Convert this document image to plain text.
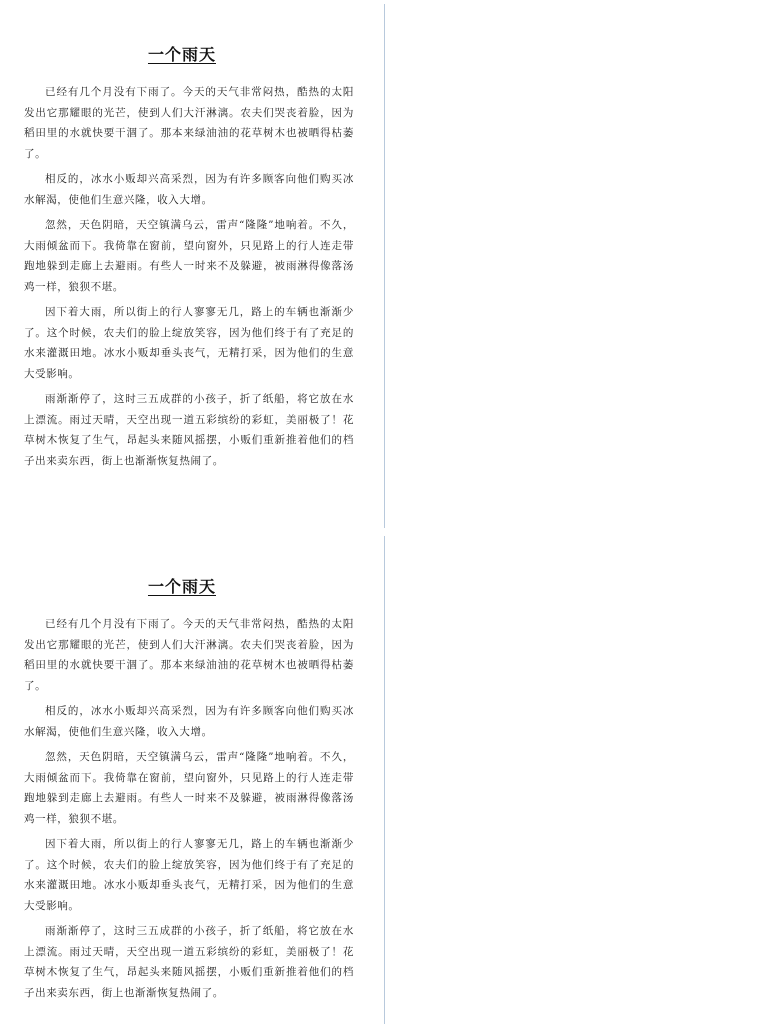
一个雨天

已经有几个月没有下雨了。今天的天气非常闷热，酷热的太阳发出它那耀眼的光芒，使到人们大汗淋漓。农夫们哭丧着脸，因为稻田里的水就快要干涸了。那本来绿油油的花草树木也被晒得枯萎了。

相反的，冰水小贩却兴高采烈，因为有许多顾客向他们购买冰水解渴，使他们生意兴隆，收入大增。

忽然，天色阴暗，天空镇满乌云，雷声“隆隆”地响着。不久，大雨倾盆而下。我倚靠在窗前，望向窗外，只见路上的行人连走带跑地躲到走廊上去避雨。有些人一时来不及躲避，被雨淋得像落汤鸡一样，狼狈不堪。

因下着大雨，所以街上的行人寥寥无几，路上的车辆也渐渐少了。这个时候，农夫们的脸上绽放笑容，因为他们终于有了充足的水来灌溉田地。冰水小贩却垂头丧气，无精打采，因为他们的生意大受影响。

雨渐渐停了，这时三五成群的小孩子，折了纸船，将它放在水上漂流。雨过天晴，天空出现一道五彩缤纷的彩虹，美丽极了！花草树木恢复了生气，昂起头来随风摇摆，小贩们重新推着他们的档子出来卖东西，街上也渐渐恢复热闹了。

一个雨天

已经有几个月没有下雨了。今天的天气非常闷热，酷热的太阳发出它那耀眼的光芒，使到人们大汗淋漓。农夫们哭丧着脸，因为稻田里的水就快要干涸了。那本来绿油油的花草树木也被晒得枯萎了。

相反的，冰水小贩却兴高采烈，因为有许多顾客向他们购买冰水解渴，使他们生意兴隆，收入大增。

忽然，天色阴暗，天空镇满乌云，雷声“隆隆”地响着。不久，大雨倾盆而下。我倚靠在窗前，望向窗外，只见路上的行人连走带跑地躲到走廊上去避雨。有些人一时来不及躲避，被雨淋得像落汤鸡一样，狼狈不堪。

因下着大雨，所以街上的行人寥寥无几，路上的车辆也渐渐少了。这个时候，农夫们的脸上绽放笑容，因为他们终于有了充足的水来灌溉田地。冰水小贩却垂头丧气，无精打采，因为他们的生意大受影响。

雨渐渐停了，这时三五成群的小孩子，折了纸船，将它放在水上漂流。雨过天晴，天空出现一道五彩缤纷的彩虹，美丽极了！花草树木恢复了生气，昂起头来随风摇摆，小贩们重新推着他们的档子出来卖东西，街上也渐渐恢复热闹了。
